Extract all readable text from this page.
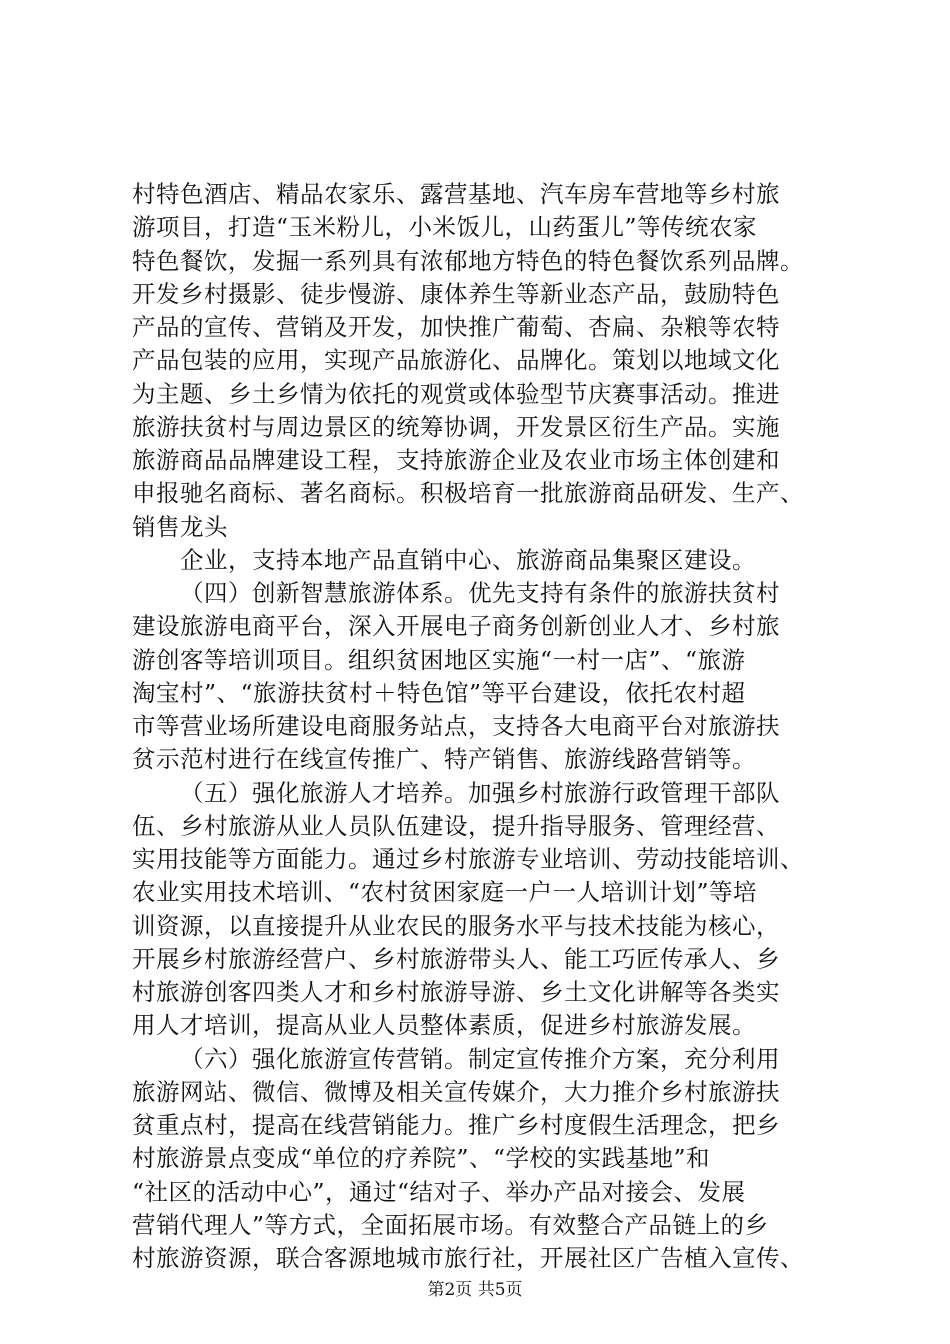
村特色酒店、精品农家乐、露营基地、汽车房车营地等乡村旅
游项目，打造“玉米粉儿，小米饭儿，山药蛋儿”等传统农家
特色餐饮，发掘一系列具有浓郁地方特色的特色餐饮系列品牌。
开发乡村摄影、徒步慢游、康体养生等新业态产品，鼓励特色
产品的宣传、营销及开发，加快推广葡萄、杏扁、杂粮等农特
产品包装的应用，实现产品旅游化、品牌化。策划以地域文化
为主题、乡土乡情为依托的观赏或体验型节庆赛事活动。推进
旅游扶贫村与周边景区的统筹协调，开发景区衍生产品。实施
旅游商品品牌建设工程，支持旅游企业及农业市场主体创建和
申报驰名商标、著名商标。积极培育一批旅游商品研发、生产、
销售龙头
企业，支持本地产品直销中心、旅游商品集聚区建设。
（四）创新智慧旅游体系。优先支持有条件的旅游扶贫村
建设旅游电商平台，深入开展电子商务创新创业人才、乡村旅
游创客等培训项目。组织贫困地区实施“一村一店”、“旅游
淘宝村”、“旅游扶贫村＋特色馆”等平台建设，依托农村超
市等营业场所建设电商服务站点，支持各大电商平台对旅游扶
贫示范村进行在线宣传推广、特产销售、旅游线路营销等。
（五）强化旅游人才培养。加强乡村旅游行政管理干部队
伍、乡村旅游从业人员队伍建设，提升指导服务、管理经营、
实用技能等方面能力。通过乡村旅游专业培训、劳动技能培训、
农业实用技术培训、“农村贫困家庭一户一人培训计划”等培
训资源，以直接提升从业农民的服务水平与技术技能为核心，
开展乡村旅游经营户、乡村旅游带头人、能工巧匠传承人、乡
村旅游创客四类人才和乡村旅游导游、乡土文化讲解等各类实
用人才培训，提高从业人员整体素质，促进乡村旅游发展。
（六）强化旅游宣传营销。制定宣传推介方案，充分利用
旅游网站、微信、微博及相关宣传媒介，大力推介乡村旅游扶
贫重点村，提高在线营销能力。推广乡村度假生活理念，把乡
村旅游景点变成“单位的疗养院”、“学校的实践基地”和
“社区的活动中心”，通过“结对子、举办产品对接会、发展
营销代理人”等方式，全面拓展市场。有效整合产品链上的乡
村旅游资源，联合客源地城市旅行社，开展社区广告植入宣传、
第2页 共5页
